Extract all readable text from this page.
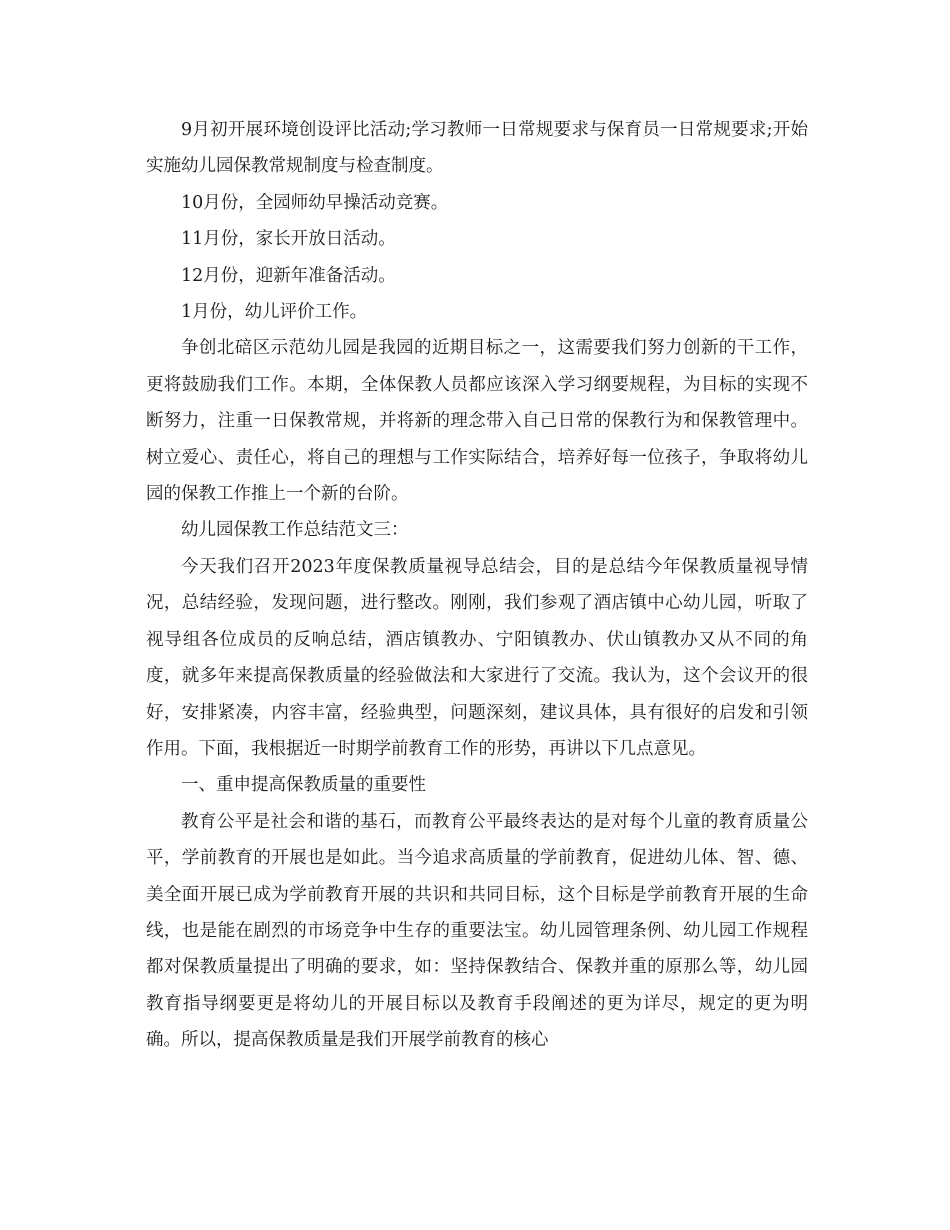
9月初开展环境创设评比活动;学习教师一日常规要求与保育员一日常规要求;开始实施幼儿园保教常规制度与检查制度。

10月份，全园师幼早操活动竞赛。

11月份，家长开放日活动。

12月份，迎新年准备活动。

1月份，幼儿评价工作。

争创北碚区示范幼儿园是我园的近期目标之一，这需要我们努力创新的干工作，更将鼓励我们工作。本期，全体保教人员都应该深入学习纲要规程，为目标的实现不断努力，注重一日保教常规，并将新的理念带入自己日常的保教行为和保教管理中。树立爱心、责任心，将自己的理想与工作实际结合，培养好每一位孩子，争取将幼儿园的保教工作推上一个新的台阶。

幼儿园保教工作总结范文三：

今天我们召开2023年度保教质量视导总结会，目的是总结今年保教质量视导情况，总结经验，发现问题，进行整改。刚刚，我们参观了酒店镇中心幼儿园，听取了视导组各位成员的反响总结，酒店镇教办、宁阳镇教办、伏山镇教办又从不同的角度，就多年来提高保教质量的经验做法和大家进行了交流。我认为，这个会议开的很好，安排紧凑，内容丰富，经验典型，问题深刻，建议具体，具有很好的启发和引领作用。下面，我根据近一时期学前教育工作的形势，再讲以下几点意见。

一、重申提高保教质量的重要性

教育公平是社会和谐的基石，而教育公平最终表达的是对每个儿童的教育质量公平，学前教育的开展也是如此。当今追求高质量的学前教育，促进幼儿体、智、德、美全面开展已成为学前教育开展的共识和共同目标，这个目标是学前教育开展的生命线，也是能在剧烈的市场竞争中生存的重要法宝。幼儿园管理条例、幼儿园工作规程都对保教质量提出了明确的要求，如：坚持保教结合、保教并重的原那么等，幼儿园教育指导纲要更是将幼儿的开展目标以及教育手段阐述的更为详尽，规定的更为明确。所以，提高保教质量是我们开展学前教育的核心
